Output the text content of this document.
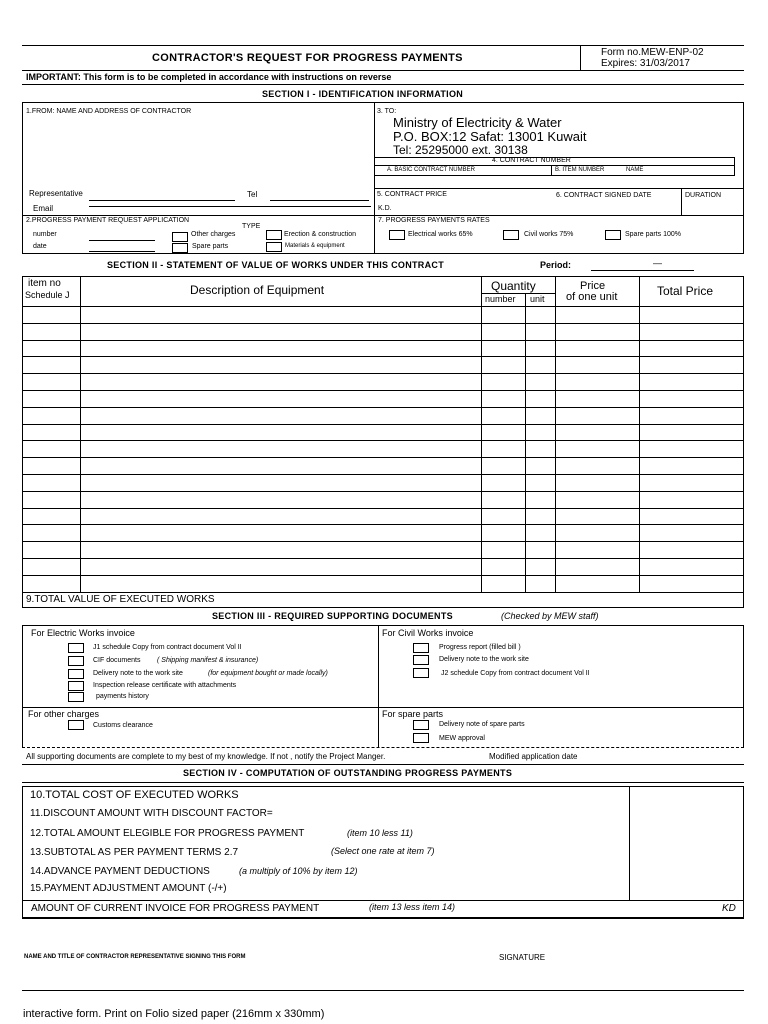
CONTRACTOR'S REQUEST FOR PROGRESS PAYMENTS	Form no.MEW-ENP-02
Expires: 31/03/2017
IMPORTANT: This form is to be completed in accordance with instructions on reverse
SECTION I - IDENTIFICATION INFORMATION
1.FROM: NAME AND ADDRESS OF CONTRACTOR	3. TO:
Ministry of Electricity & Water
P.O. BOX:12 Safat: 13001 Kuwait
Tel: 25295000 ext. 30138
4. CONTRACT NUMBER
A. BASIC CONTRACT NUMBER	B. ITEM NUMBER	NAME
Representative	Tel
Email
5. CONTRACT PRICE	6. CONTRACT SIGNED DATE	DURATION
K.D.
2.PROGRESS PAYMENT REQUEST APPLICATION
TYPE
7. PROGRESS PAYMENTS RATES
number
date
Other charges
Spare parts
Erection & construction
Materials & equipment
Electrical works 65%	Civil works 75%	Spare parts 100%
SECTION II - STATEMENT OF VALUE OF WORKS UNDER THIS CONTRACT	Period:	—
item no
Schedule J	Description of Equipment	Quantity
number unit
Price
of one unit	Total Price
9.TOTAL VALUE OF EXECUTED WORKS
SECTION III - REQUIRED SUPPORTING DOCUMENTS	(Checked by MEW staff)
For Electric Works invoice
J1 schedule Copy from contract document Vol II
CIF documents ( Shipping manifest & insurance)
Delivery note to the work site	(for equipment bought or made locally)
Inspection release certificate with attachments
payments history
For Civil Works invoice
Progress report (filled bill )
Delivery note to the work site
J2 schedule Copy from contract document Vol II
For other charges
Customs clearance
For spare parts
Delivery note of spare parts
MEW approval
All supporting documents are complete to my best of my knowledge. If not , notify the Project Manger.	Modified application date
SECTION IV - COMPUTATION OF OUTSTANDING PROGRESS PAYMENTS
10.TOTAL COST OF EXECUTED WORKS
11.DISCOUNT AMOUNT WITH DISCOUNT FACTOR=
12.TOTAL AMOUNT ELEGIBLE FOR PROGRESS PAYMENT	(item 10 less 11)
13.SUBTOTAL AS PER PAYMENT TERMS 2.7	(Select one rate at item 7)
14.ADVANCE PAYMENT DEDUCTIONS	(a multiply of 10% by item 12)
15.PAYMENT ADJUSTMENT AMOUNT (-/+)
AMOUNT OF CURRENT INVOICE FOR PROGRESS PAYMENT	(item 13 less item 14)	KD
NAME AND TITLE OF CONTRACTOR REPRESENTATIVE SIGNING THIS FORM	SIGNATURE
interactive form. Print on Folio sized paper (216mm x 330mm)
